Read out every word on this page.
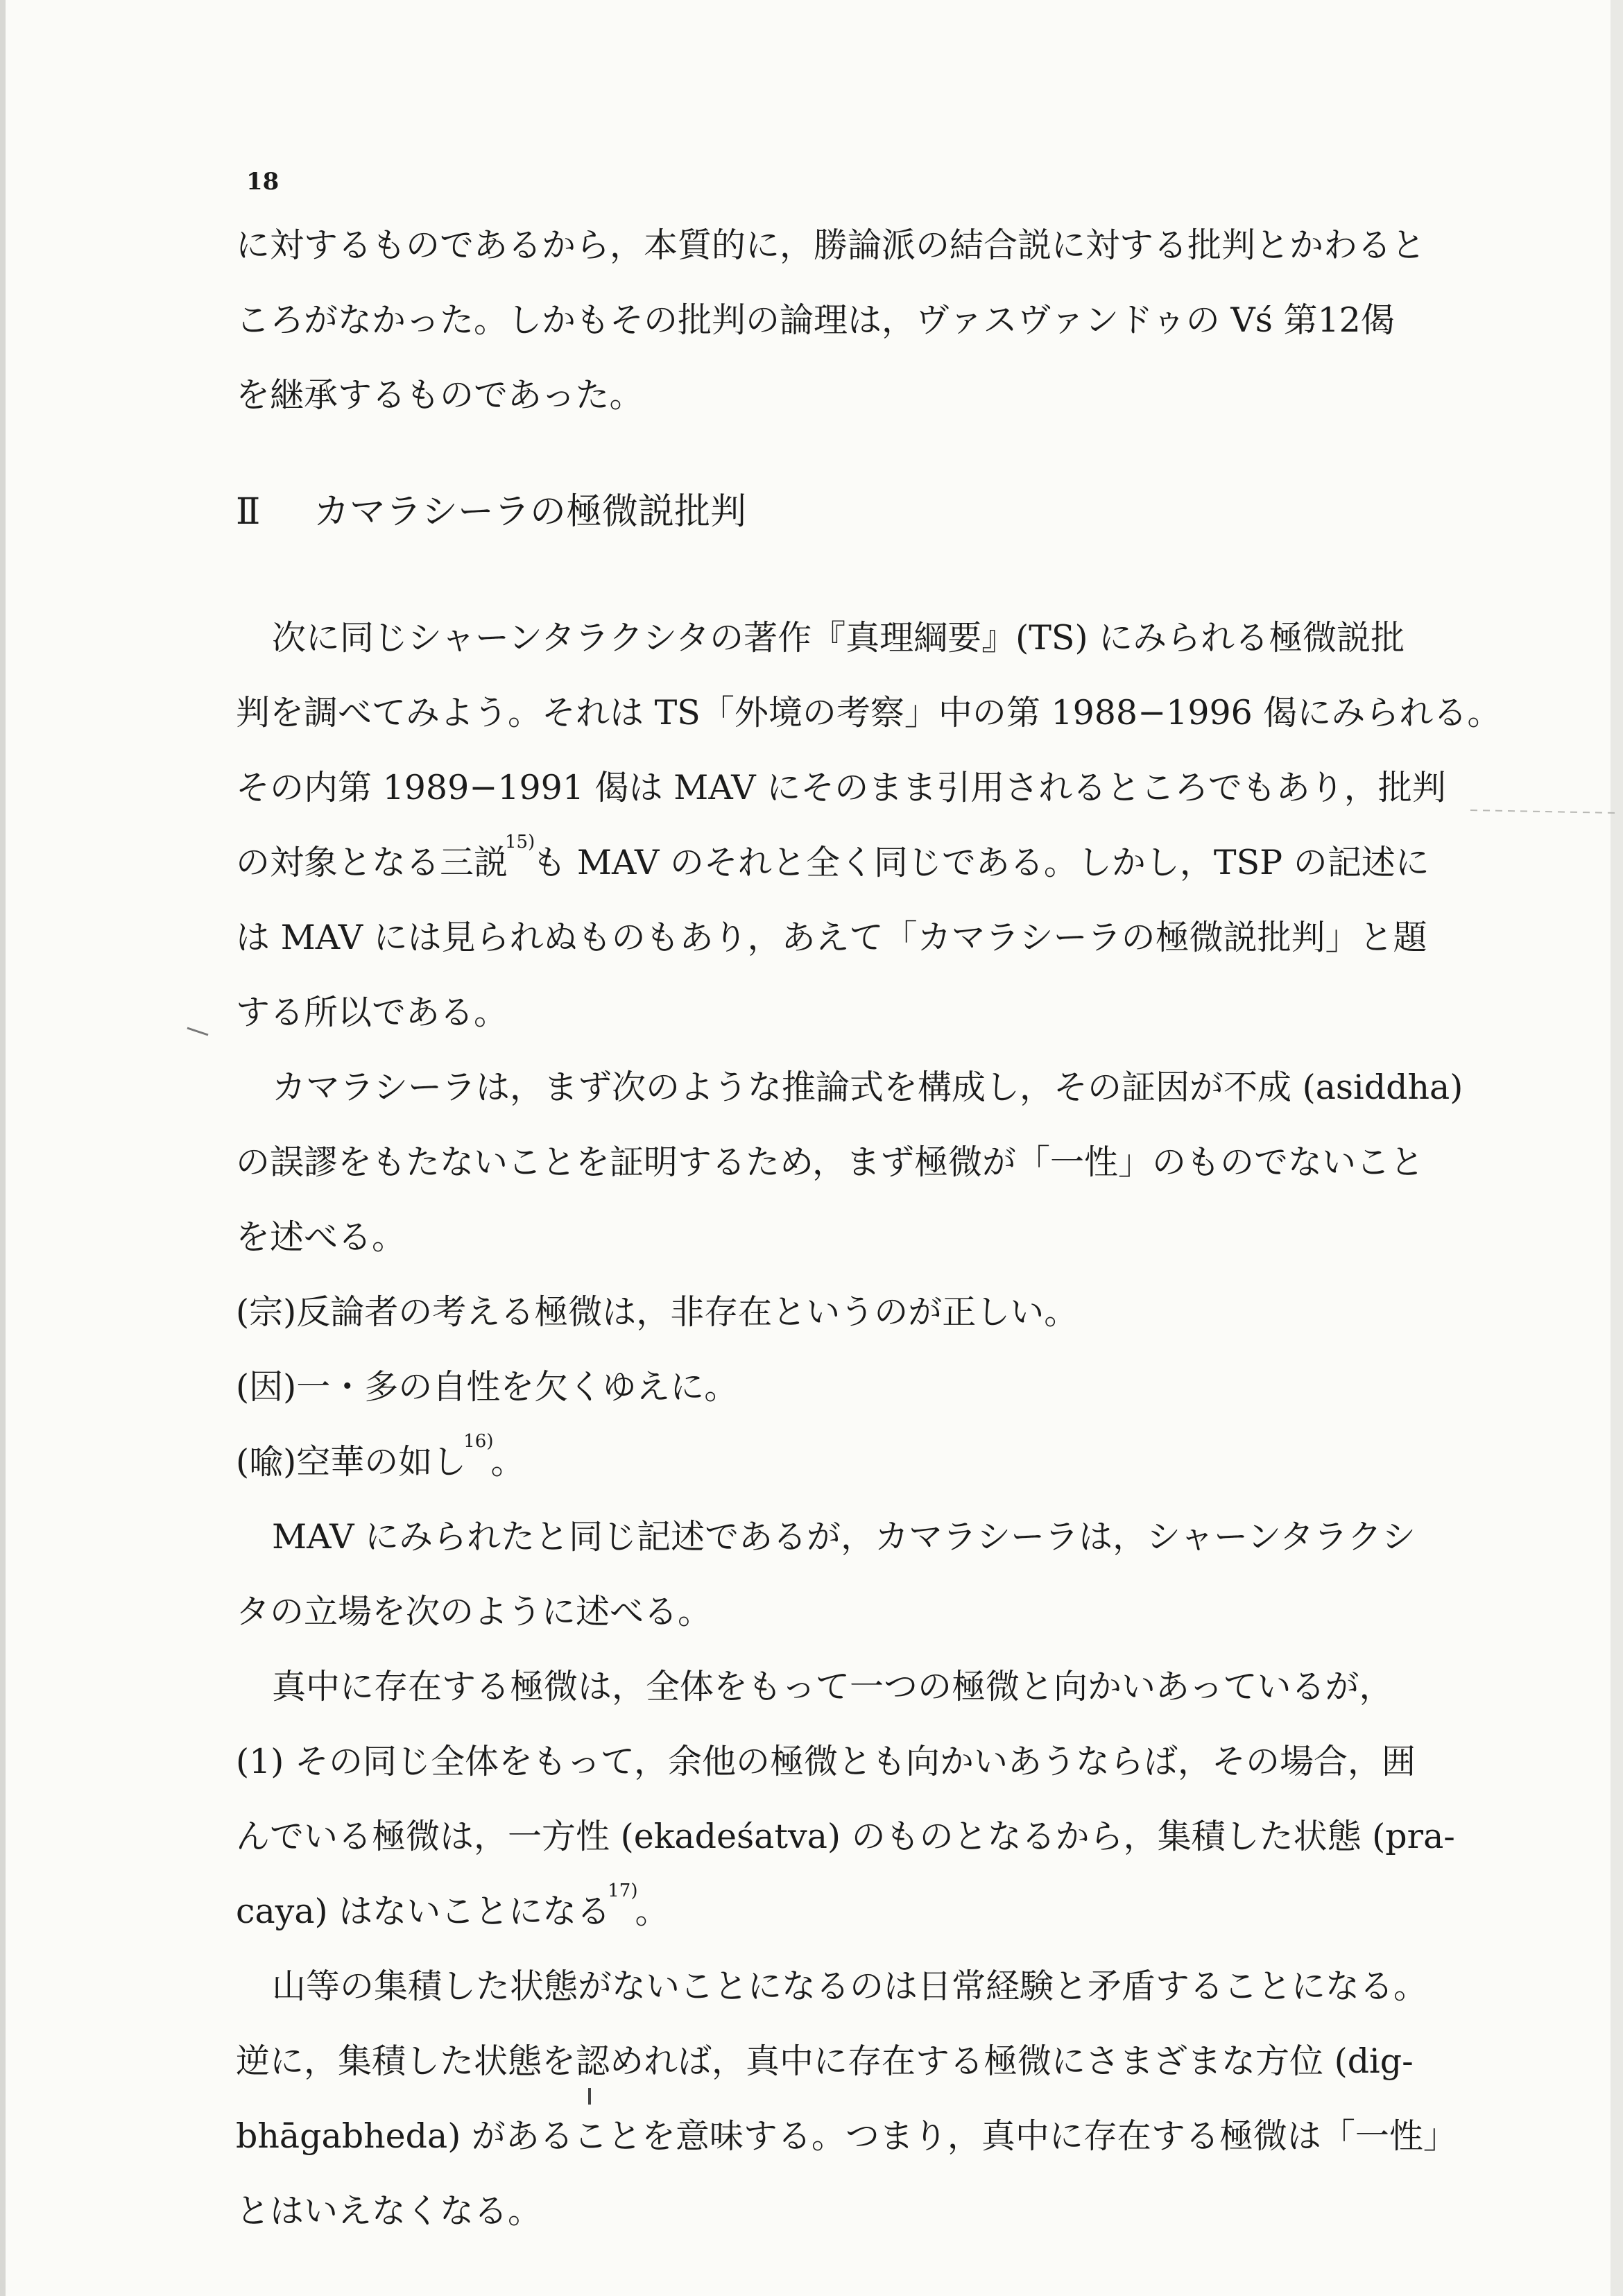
18

に対するものであるから，本質的に，勝論派の結合説に対する批判とかわると

ころがなかった。しかもその批判の論理は，ヴァスヴァンドゥの Vś 第12偈

を継承するものであった。

Ⅱ カマラシーラの極微説批判

次に同じシャーンタラクシタの著作『真理綱要』(TS) にみられる極微説批

判を調べてみよう。それは TS「外境の考察」中の第 1988−1996 偈にみられる。

その内第 1989−1991 偈は MAV にそのまま引用されるところでもあり，批判

の対象となる三説$^{15)}$も MAV のそれと全く同じである。しかし，TSP の記述に

は MAV には見られぬものもあり，あえて「カマラシーラの極微説批判」と題

する所以である。

カマラシーラは，まず次のような推論式を構成し，その証因が不成 (asiddha)

の誤謬をもたないことを証明するため，まず極微が「一性」のものでないこと

を述べる。

(宗)反論者の考える極微は，非存在というのが正しい。

(因)一・多の自性を欠くゆえに。

(喩)空華の如し$^{16)}$。

MAV にみられたと同じ記述であるが，カマラシーラは，シャーンタラクシ

タの立場を次のように述べる。

真中に存在する極微は，全体をもって一つの極微と向かいあっているが，

(1) その同じ全体をもって，余他の極微とも向かいあうならば，その場合，囲

んでいる極微は，一方性 (ekadeśatva) のものとなるから，集積した状態 (pra-

caya) はないことになる$^{17)}$。

山等の集積した状態がないことになるのは日常経験と矛盾することになる。

逆に，集積した状態を認めれば，真中に存在する極微にさまざまな方位 (dig-

bhāgabheda) があることを意味する。つまり，真中に存在する極微は「一性」

とはいえなくなる。
